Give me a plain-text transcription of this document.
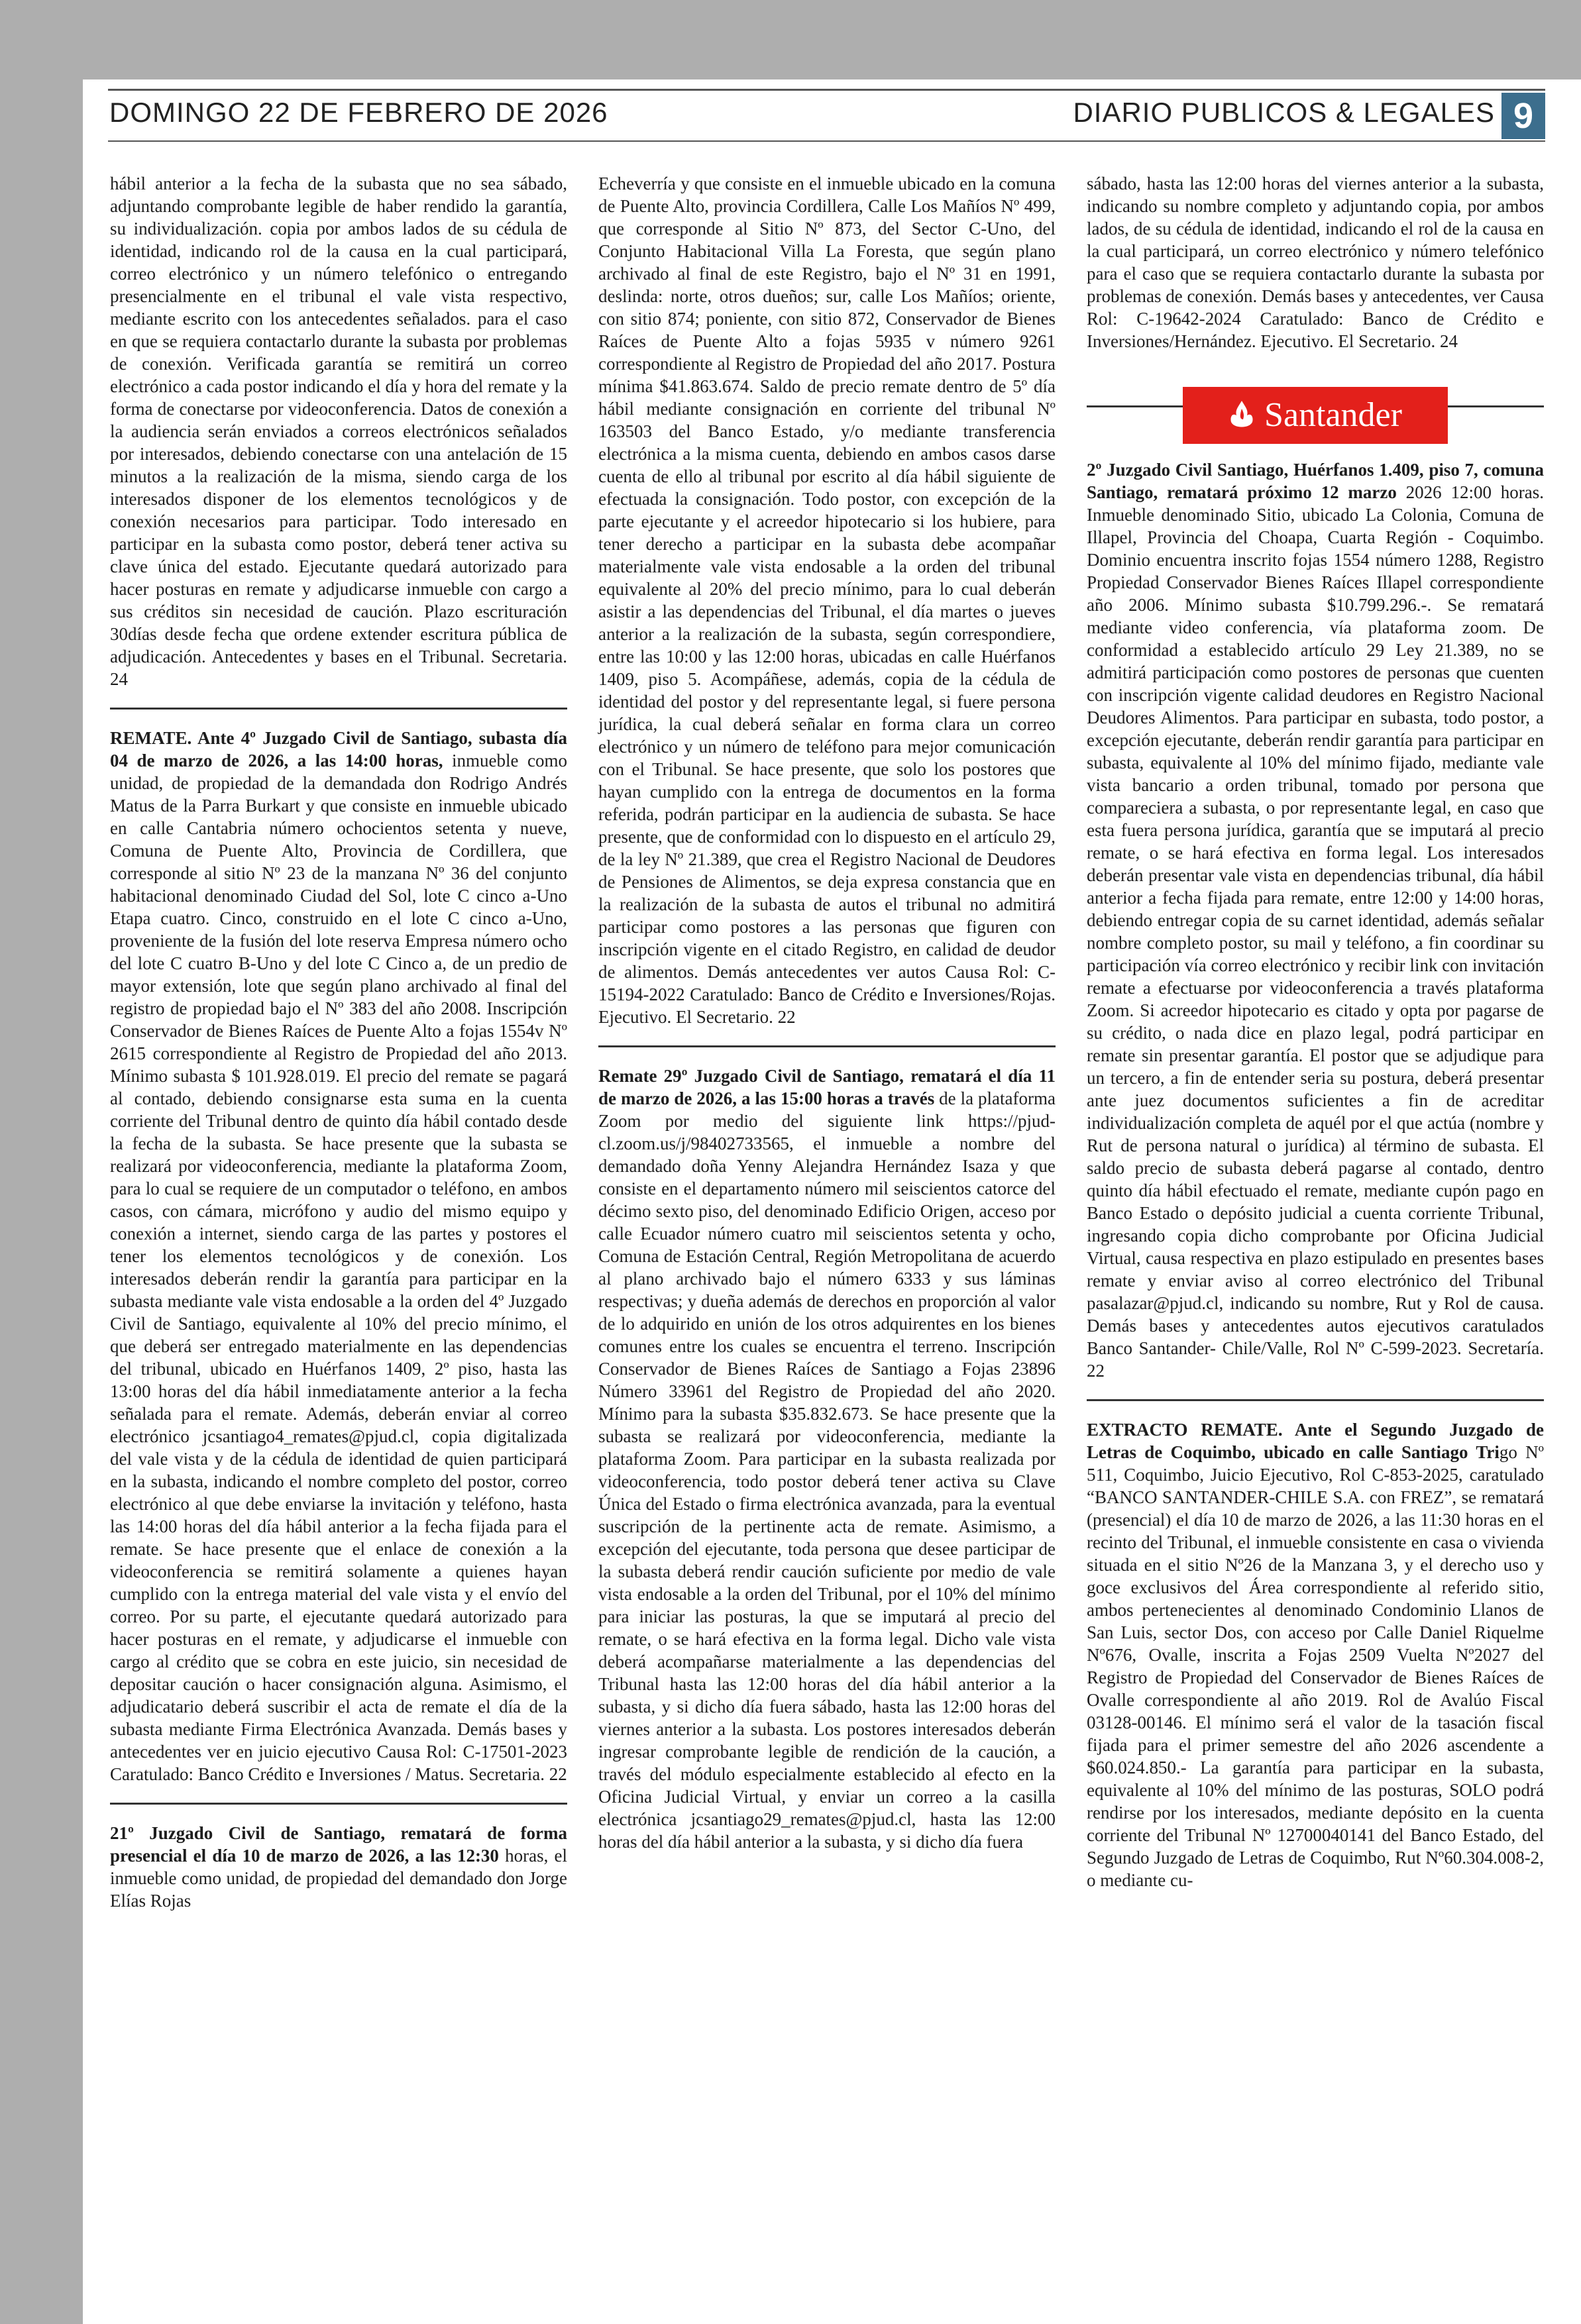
DOMINGO 22 DE FEBRERO DE 2026	DIARIO PUBLICOS & LEGALES 9

hábil anterior a la fecha de la subasta que no sea sábado, adjuntando comprobante legible de haber rendido la garantía, su individualización. copia por ambos lados de su cédula de identidad, indicando rol de la causa en la cual participará, correo electrónico y un número telefónico o entregando presencialmente en el tribunal el vale vista respectivo, mediante escrito con los antecedentes señalados. para el caso en que se requiera contactarlo durante la subasta por problemas de conexión. Verificada garantía se remitirá un correo electrónico a cada postor indicando el día y hora del remate y la forma de conectarse por videoconferencia. Datos de conexión a la audiencia serán enviados a correos electrónicos señalados por interesados, debiendo conectarse con una antelación de 15 minutos a la realización de la misma, siendo carga de los interesados disponer de los elementos tecnológicos y de conexión necesarios para participar. Todo interesado en participar en la subasta como postor, deberá tener activa su clave única del estado. Ejecutante quedará autorizado para hacer posturas en remate y adjudicarse inmueble con cargo a sus créditos sin necesidad de caución. Plazo escrituración 30días desde fecha que ordene extender escritura pública de adjudicación. Antecedentes y bases en el Tribunal. Secretaria. 24

REMATE. Ante 4º Juzgado Civil de Santiago, subasta día 04 de marzo de 2026, a las 14:00 horas, inmueble como unidad, de propiedad de la demandada don Rodrigo Andrés Matus de la Parra Burkart y que consiste en inmueble ubicado en calle Cantabria número ochocientos setenta y nueve, Comuna de Puente Alto, Provincia de Cordillera, que corresponde al sitio Nº 23 de la manzana Nº 36 del conjunto habitacional denominado Ciudad del Sol, lote C cinco a-Uno Etapa cuatro. Cinco, construido en el lote C cinco a-Uno, proveniente de la fusión del lote reserva Empresa número ocho del lote C cuatro B-Uno y del lote C Cinco a, de un predio de mayor extensión, lote que según plano archivado al final del registro de propiedad bajo el Nº 383 del año 2008. Inscripción Conservador de Bienes Raíces de Puente Alto a fojas 1554v Nº 2615 correspondiente al Registro de Propiedad del año 2013. Mínimo subasta $ 101.928.019. El precio del remate se pagará al contado, debiendo consignarse esta suma en la cuenta corriente del Tribunal dentro de quinto día hábil contado desde la fecha de la subasta. Se hace presente que la subasta se realizará por videoconferencia, mediante la plataforma Zoom, para lo cual se requiere de un computador o teléfono, en ambos casos, con cámara, micrófono y audio del mismo equipo y conexión a internet, siendo carga de las partes y postores el tener los elementos tecnológicos y de conexión. Los interesados deberán rendir la garantía para participar en la subasta mediante vale vista endosable a la orden del 4º Juzgado Civil de Santiago, equivalente al 10% del precio mínimo, el que deberá ser entregado materialmente en las dependencias del tribunal, ubicado en Huérfanos 1409, 2º piso, hasta las 13:00 horas del día hábil inmediatamente anterior a la fecha señalada para el remate. Además, deberán enviar al correo electrónico jcsantiago4_remates@pjud.cl, copia digitalizada del vale vista y de la cédula de identidad de quien participará en la subasta, indicando el nombre completo del postor, correo electrónico al que debe enviarse la invitación y teléfono, hasta las 14:00 horas del día hábil anterior a la fecha fijada para el remate. Se hace presente que el enlace de conexión a la videoconferencia se remitirá solamente a quienes hayan cumplido con la entrega material del vale vista y el envío del correo. Por su parte, el ejecutante quedará autorizado para hacer posturas en el remate, y adjudicarse el inmueble con cargo al crédito que se cobra en este juicio, sin necesidad de depositar caución o hacer consignación alguna. Asimismo, el adjudicatario deberá suscribir el acta de remate el día de la subasta mediante Firma Electrónica Avanzada. Demás bases y antecedentes ver en juicio ejecutivo Causa Rol: C-17501-2023 Caratulado: Banco Crédito e Inversiones / Matus. Secretaria. 22

21º Juzgado Civil de Santiago, rematará de forma presencial el día 10 de marzo de 2026, a las 12:30 horas, el inmueble como unidad, de propiedad del demandado don Jorge Elías Rojas

Echeverría y que consiste en el inmueble ubicado en la comuna de Puente Alto, provincia Cordillera, Calle Los Mañíos Nº 499, que corresponde al Sitio Nº 873, del Sector C-Uno, del Conjunto Habitacional Villa La Foresta, que según plano archivado al final de este Registro, bajo el Nº 31 en 1991, deslinda: norte, otros dueños; sur, calle Los Mañíos; oriente, con sitio 874; poniente, con sitio 872, Conservador de Bienes Raíces de Puente Alto a fojas 5935 v número 9261 correspondiente al Registro de Propiedad del año 2017. Postura mínima $41.863.674. Saldo de precio remate dentro de 5º día hábil mediante consignación en corriente del tribunal Nº 163503 del Banco Estado, y/o mediante transferencia electrónica a la misma cuenta, debiendo en ambos casos darse cuenta de ello al tribunal por escrito al día hábil siguiente de efectuada la consignación. Todo postor, con excepción de la parte ejecutante y el acreedor hipotecario si los hubiere, para tener derecho a participar en la subasta debe acompañar materialmente vale vista endosable a la orden del tribunal equivalente al 20% del precio mínimo, para lo cual deberán asistir a las dependencias del Tribunal, el día martes o jueves anterior a la realización de la subasta, según correspondiere, entre las 10:00 y las 12:00 horas, ubicadas en calle Huérfanos 1409, piso 5. Acompáñese, además, copia de la cédula de identidad del postor y del representante legal, si fuere persona jurídica, la cual deberá señalar en forma clara un correo electrónico y un número de teléfono para mejor comunicación con el Tribunal. Se hace presente, que solo los postores que hayan cumplido con la entrega de documentos en la forma referida, podrán participar en la audiencia de subasta. Se hace presente, que de conformidad con lo dispuesto en el artículo 29, de la ley Nº 21.389, que crea el Registro Nacional de Deudores de Pensiones de Alimentos, se deja expresa constancia que en la realización de la subasta de autos el tribunal no admitirá participar como postores a las personas que figuren con inscripción vigente en el citado Registro, en calidad de deudor de alimentos. Demás antecedentes ver autos Causa Rol: C-15194-2022 Caratulado: Banco de Crédito e Inversiones/Rojas. Ejecutivo. El Secretario. 22

Remate 29º Juzgado Civil de Santiago, rematará el día 11 de marzo de 2026, a las 15:00 horas a través de la plataforma Zoom por medio del siguiente link https://pjud-cl.zoom.us/j/98402733565, el inmueble a nombre del demandado doña Yenny Alejandra Hernández Isaza y que consiste en el departamento número mil seiscientos catorce del décimo sexto piso, del denominado Edificio Origen, acceso por calle Ecuador número cuatro mil seiscientos setenta y ocho, Comuna de Estación Central, Región Metropolitana de acuerdo al plano archivado bajo el número 6333 y sus láminas respectivas; y dueña además de derechos en proporción al valor de lo adquirido en unión de los otros adquirentes en los bienes comunes entre los cuales se encuentra el terreno. Inscripción Conservador de Bienes Raíces de Santiago a Fojas 23896 Número 33961 del Registro de Propiedad del año 2020. Mínimo para la subasta $35.832.673. Se hace presente que la subasta se realizará por videoconferencia, mediante la plataforma Zoom. Para participar en la subasta realizada por videoconferencia, todo postor deberá tener activa su Clave Única del Estado o firma electrónica avanzada, para la eventual suscripción de la pertinente acta de remate. Asimismo, a excepción del ejecutante, toda persona que desee participar de la subasta deberá rendir caución suficiente por medio de vale vista endosable a la orden del Tribunal, por el 10% del mínimo para iniciar las posturas, la que se imputará al precio del remate, o se hará efectiva en la forma legal. Dicho vale vista deberá acompañarse materialmente a las dependencias del Tribunal hasta las 12:00 horas del día hábil anterior a la subasta, y si dicho día fuera sábado, hasta las 12:00 horas del viernes anterior a la subasta. Los postores interesados deberán ingresar comprobante legible de rendición de la caución, a través del módulo especialmente establecido al efecto en la Oficina Judicial Virtual, y enviar un correo a la casilla electrónica jcsantiago29_remates@pjud.cl, hasta las 12:00 horas del día hábil anterior a la subasta, y si dicho día fuera

sábado, hasta las 12:00 horas del viernes anterior a la subasta, indicando su nombre completo y adjuntando copia, por ambos lados, de su cédula de identidad, indicando el rol de la causa en la cual participará, un correo electrónico y número telefónico para el caso que se requiera contactarlo durante la subasta por problemas de conexión. Demás bases y antecedentes, ver Causa Rol: C-19642-2024 Caratulado: Banco de Crédito e Inversiones/Hernández. Ejecutivo. El Secretario. 24

Santander

2º Juzgado Civil Santiago, Huérfanos 1.409, piso 7, comuna Santiago, rematará próximo 12 marzo 2026 12:00 horas. Inmueble denominado Sitio, ubicado La Colonia, Comuna de Illapel, Provincia del Choapa, Cuarta Región - Coquimbo. Dominio encuentra inscrito fojas 1554 número 1288, Registro Propiedad Conservador Bienes Raíces Illapel correspondiente año 2006. Mínimo subasta $10.799.296.-. Se rematará mediante video conferencia, vía plataforma zoom. De conformidad a establecido artículo 29 Ley 21.389, no se admitirá participación como postores de personas que cuenten con inscripción vigente calidad deudores en Registro Nacional Deudores Alimentos. Para participar en subasta, todo postor, a excepción ejecutante, deberán rendir garantía para participar en subasta, equivalente al 10% del mínimo fijado, mediante vale vista bancario a orden tribunal, tomado por persona que compareciera a subasta, o por representante legal, en caso que esta fuera persona jurídica, garantía que se imputará al precio remate, o se hará efectiva en forma legal. Los interesados deberán presentar vale vista en dependencias tribunal, día hábil anterior a fecha fijada para remate, entre 12:00 y 14:00 horas, debiendo entregar copia de su carnet identidad, además señalar nombre completo postor, su mail y teléfono, a fin coordinar su participación vía correo electrónico y recibir link con invitación remate a efectuarse por videoconferencia a través plataforma Zoom. Si acreedor hipotecario es citado y opta por pagarse de su crédito, o nada dice en plazo legal, podrá participar en remate sin presentar garantía. El postor que se adjudique para un tercero, a fin de entender seria su postura, deberá presentar ante juez documentos suficientes a fin de acreditar individualización completa de aquél por el que actúa (nombre y Rut de persona natural o jurídica) al término de subasta. El saldo precio de subasta deberá pagarse al contado, dentro quinto día hábil efectuado el remate, mediante cupón pago en Banco Estado o depósito judicial a cuenta corriente Tribunal, ingresando copia dicho comprobante por Oficina Judicial Virtual, causa respectiva en plazo estipulado en presentes bases remate y enviar aviso al correo electrónico del Tribunal pasalazar@pjud.cl, indicando su nombre, Rut y Rol de causa. Demás bases y antecedentes autos ejecutivos caratulados Banco Santander- Chile/Valle, Rol Nº C-599-2023. Secretaría. 22

EXTRACTO REMATE. Ante el Segundo Juzgado de Letras de Coquimbo, ubicado en calle Santiago Trigo Nº 511, Coquimbo, Juicio Ejecutivo, Rol C-853-2025, caratulado “BANCO SANTANDER-CHILE S.A. con FREZ”, se rematará (presencial) el día 10 de marzo de 2026, a las 11:30 horas en el recinto del Tribunal, el inmueble consistente en casa o vivienda situada en el sitio Nº26 de la Manzana 3, y el derecho uso y goce exclusivos del Área correspondiente al referido sitio, ambos pertenecientes al denominado Condominio Llanos de San Luis, sector Dos, con acceso por Calle Daniel Riquelme Nº676, Ovalle, inscrita a Fojas 2509 Vuelta Nº2027 del Registro de Propiedad del Conservador de Bienes Raíces de Ovalle correspondiente al año 2019. Rol de Avalúo Fiscal 03128-00146. El mínimo será el valor de la tasación fiscal fijada para el primer semestre del año 2026 ascendente a $60.024.850.- La garantía para participar en la subasta, equivalente al 10% del mínimo de las posturas, SOLO podrá rendirse por los interesados, mediante depósito en la cuenta corriente del Tribunal Nº 12700040141 del Banco Estado, del Segundo Juzgado de Letras de Coquimbo, Rut Nº60.304.008-2, o mediante cu-
